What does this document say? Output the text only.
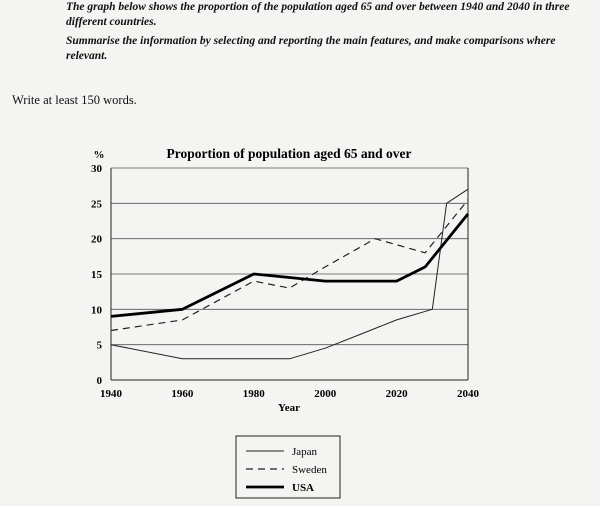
The graph below shows the proportion of the population aged 65 and over between 1940 and 2040 in three different countries.

Summarise the information by selecting and reporting the main features, and make comparisons where relevant.

Write at least 150 words.
0
5
10
15
20
25
30
1940	1960	1980	2000	2020	2040
Proportion of population aged 65 and over
%
Year
Japan
Sweden
USA
